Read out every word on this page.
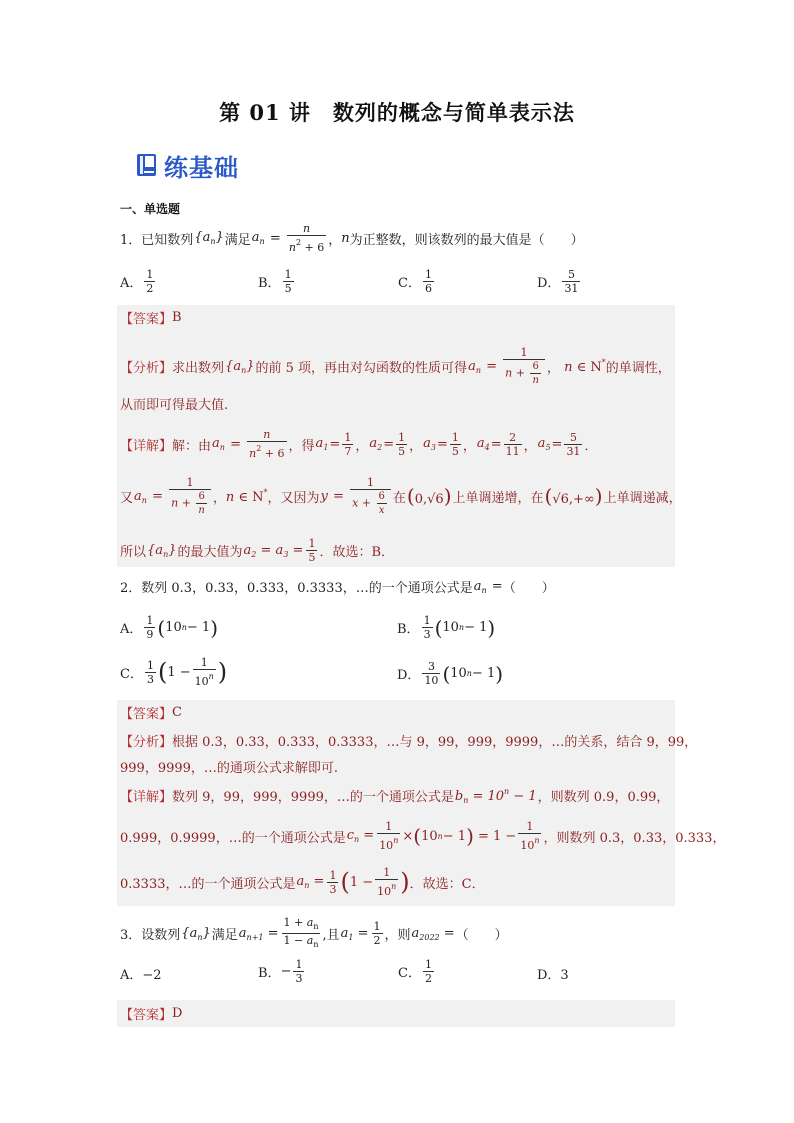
第 01 讲　数列的概念与简单表示法
练基础
一、单选题
1．已知数列 $\{a_n\}$ 满足 $a_n = \frac{n}{n^2 + 6}$ ， n 为正整数，则该数列的最大值是（　　）
A． $\frac{1}{2}$	B． $\frac{1}{5}$	C． $\frac{1}{6}$	D． $\frac{5}{31}$
【答案】 B
【分析】 求出数列 $\{a_n\}$ 的前 5 项，再由对勾函数的性质可得 $a_n = \frac{1}{n + \frac{6}{n}}$ ， n ∈ N* 的单调性，
从而即可得最大值.
【详解】 解：由 $a_n = \frac{n}{n^2 + 6}$ ，得 $a_1 = \frac{1}{7}$ ， $a_2 = \frac{1}{5}$ ， $a_3 = \frac{1}{5}$ ， $a_4 = \frac{2}{11}$ ， $a_5 = \frac{5}{31}$ ．
又 $a_n = \frac{1}{n + \frac{6}{n}}$ ， n ∈ N* ，又因为 $y = \frac{1}{x + \frac{6}{x}}$ 在 (0,√6) 上单调递增，在 (√6,+∞) 上单调递减，
所以 $\{a_n\}$ 的最大值为 $a_2 = a_3 = \frac{1}{5}$ ．故选：B．
2．数列 0.3，0.33，0.333，0.3333，…的一个通项公式是 $a_n$ = （　　）
A． $\frac{1}{9}$ ( 10 n − 1 )	B． $\frac{1}{3}$ ( 10 n − 1 )
C． $\frac{1}{3}$ ( $1 - \frac{1}{10^n}$ )	D． $\frac{3}{10}$ ( 10 n − 1 )
【答案】 C
【分析】 根据 0.3，0.33，0.333，0.3333，…与 9，99，999，9999，…的关系，结合 9，99，
999，9999，…的通项公式求解即可.
【详解】 数列 9，99，999，9999，…的一个通项公式是 $b_n = 10^n - 1$ ，则数列 0.9，0.99，
0.999，0.9999，…的一个通项公式是 $c_n = \frac{1}{10^n}$ × ( 10 n − 1 ) = $1 - \frac{1}{10^n}$ ，则数列 0.3，0.33，0.333，
0.3333，…的一个通项公式是 $a_n = \frac{1}{3}$ ( $1 - \frac{1}{10^n}$ ) ．故选：C．
3．设数列 $\{a_n\}$ 满足 $a_{n+1} = \frac{1 + a_n}{1 - a_n}$ ,且 $a_1 = \frac{1}{2}$ ，则 $a_{2022}$ = （　　）
A．−2	B． − $\frac{1}{3}$	C． $\frac{1}{2}$	D．3
【答案】 D
